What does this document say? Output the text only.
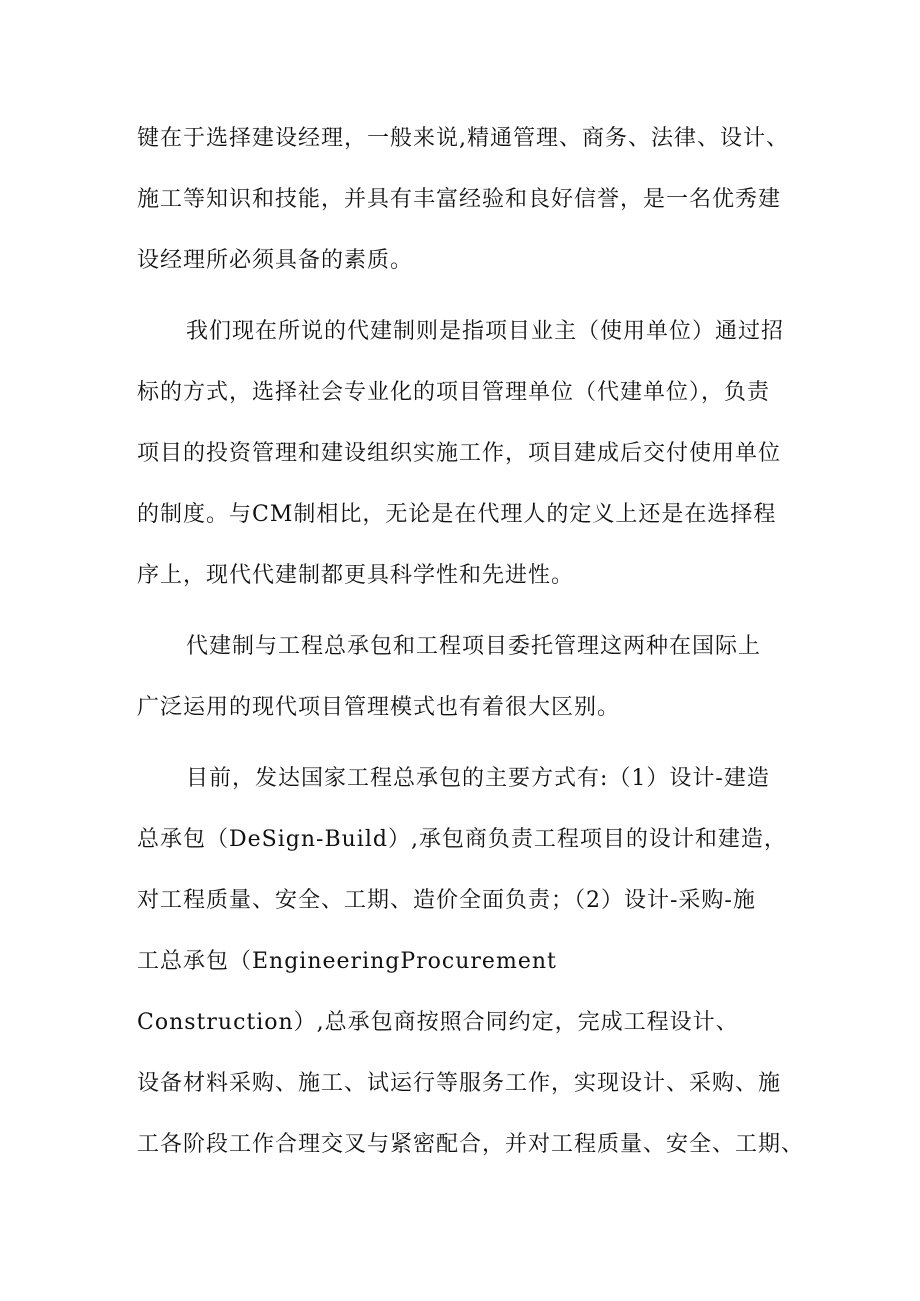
键在于选择建设经理，一般来说,精通管理、商务、法律、设计、
施工等知识和技能，并具有丰富经验和良好信誉，是一名优秀建
设经理所必须具备的素质。
我们现在所说的代建制则是指项目业主（使用单位）通过招
标的方式，选择社会专业化的项目管理单位（代建单位），负责
项目的投资管理和建设组织实施工作，项目建成后交付使用单位
的制度。与CM制相比，无论是在代理人的定义上还是在选择程
序上，现代代建制都更具科学性和先进性。
代建制与工程总承包和工程项目委托管理这两种在国际上
广泛运用的现代项目管理模式也有着很大区别。
目前，发达国家工程总承包的主要方式有:（1）设计-建造
总承包（DeSign-Build）,承包商负责工程项目的设计和建造，
对工程质量、安全、工期、造价全面负责；（2）设计-采购-施
工总承包（EngineeringProcurement
Construction）,总承包商按照合同约定，完成工程设计、
设备材料采购、施工、试运行等服务工作，实现设计、采购、施
工各阶段工作合理交叉与紧密配合，并对工程质量、安全、工期、
